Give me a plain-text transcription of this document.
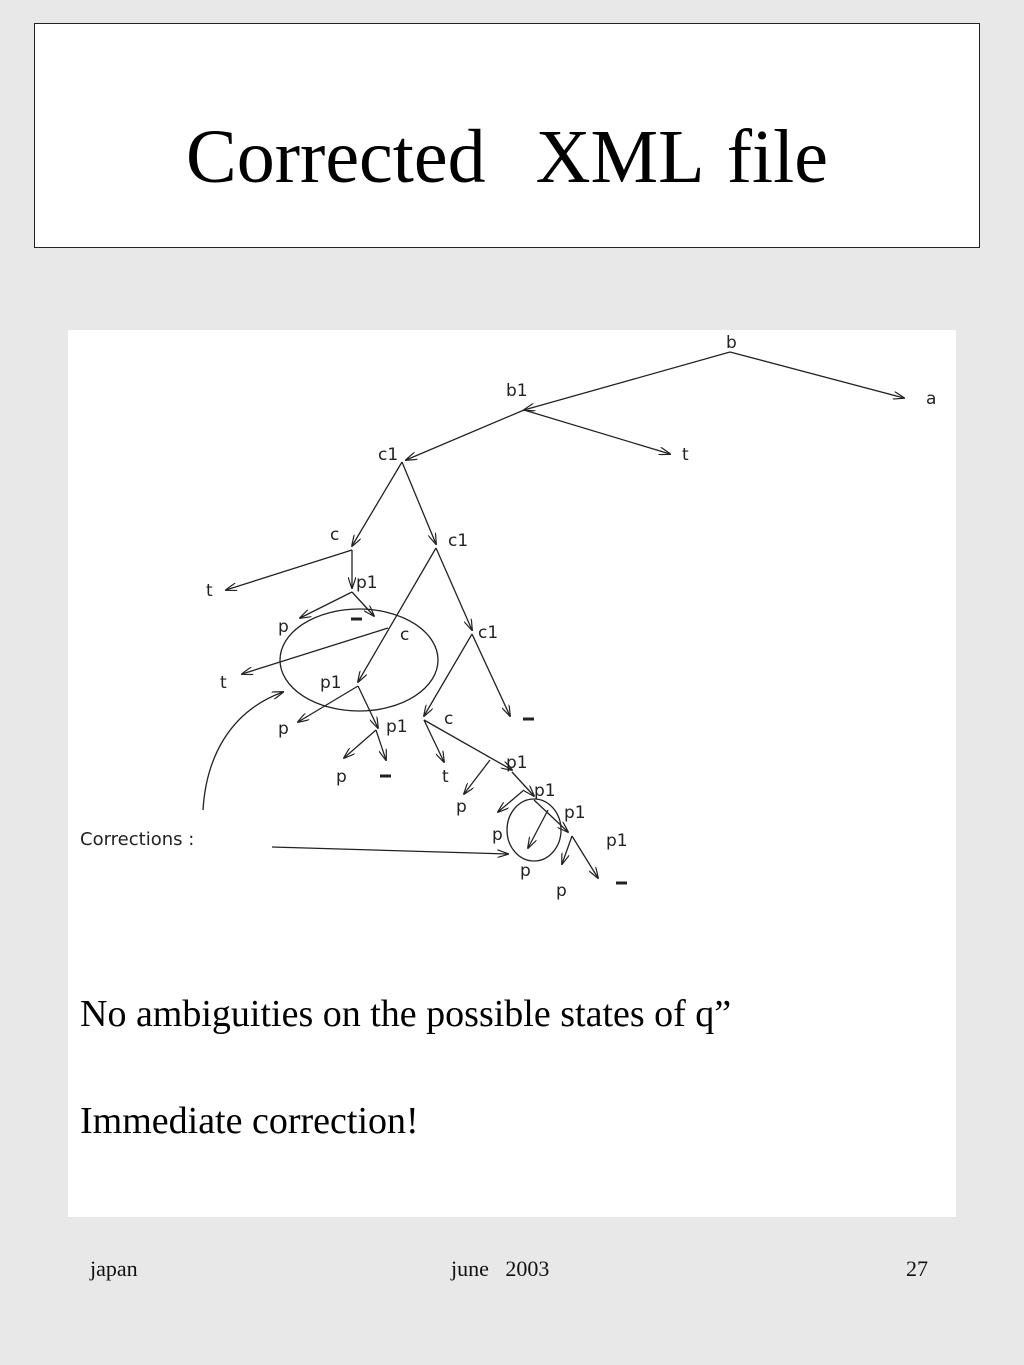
Corrected  XML file
b
a
b1
t
c1
c	c1
t	p1
p	c	c1
t	p1
p	p1
p
c
t
p1
p
p1
p
p1
p
p
p1
Corrections :
No ambiguities on the possible states of q”
Immediate correction!
japan	june   2003	27
